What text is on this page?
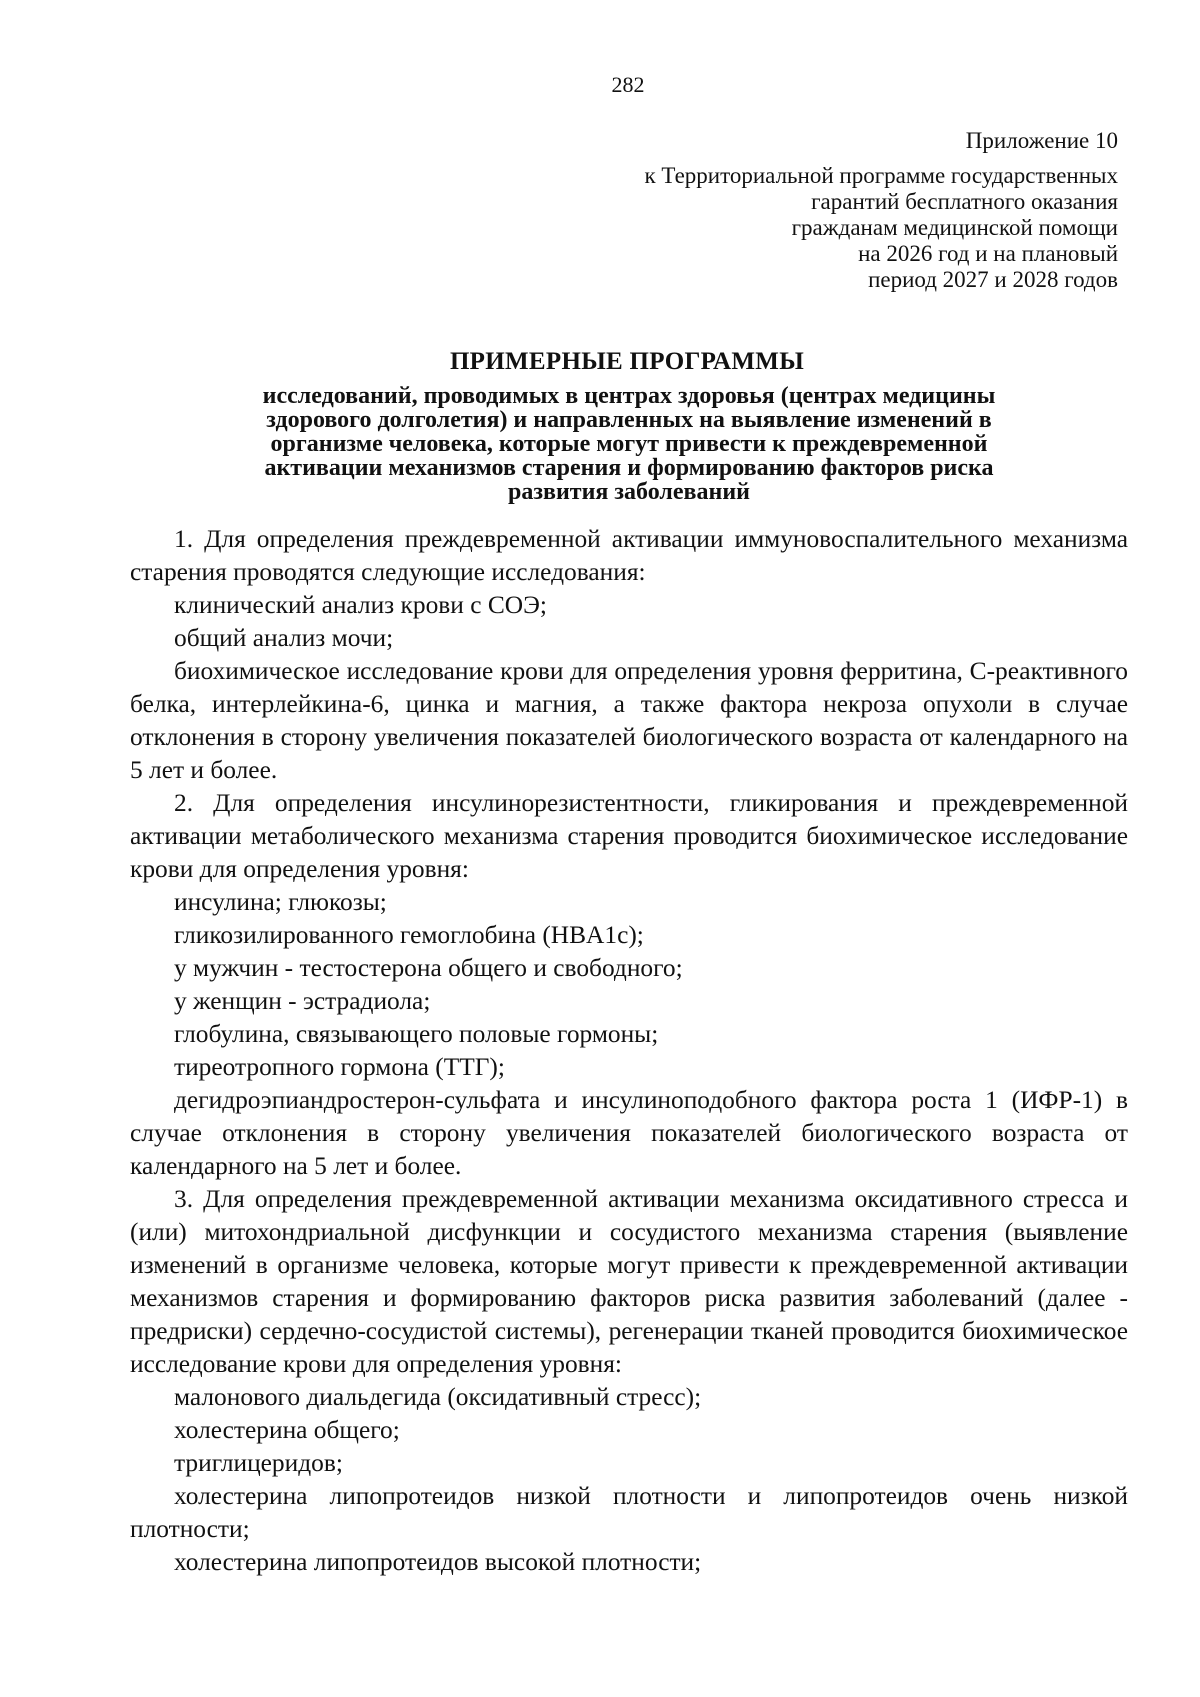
282
Приложение 10
к Территориальной программе государственных
гарантий бесплатного оказания
гражданам медицинской помощи
на 2026 год и на плановый
период 2027 и 2028 годов
ПРИМЕРНЫЕ ПРОГРАММЫ
исследований, проводимых в центрах здоровья (центрах медицины
здорового долголетия) и направленных на выявление изменений в
организме человека, которые могут привести к преждевременной
активации механизмов старения и формированию факторов риска
развития заболеваний

1. Для определения преждевременной активации иммуновоспалительного механизма старения проводятся следующие исследования:

клинический анализ крови с СОЭ;

общий анализ мочи;

биохимическое исследование крови для определения уровня ферритина, С-реактивного белка, интерлейкина-6, цинка и магния, а также фактора некроза опухоли в случае отклонения в сторону увеличения показателей биологического возраста от календарного на 5 лет и более.

2. Для определения инсулинорезистентности, гликирования и преждевременной активации метаболического механизма старения проводится биохимическое исследование крови для определения уровня:

инсулина; глюкозы;

гликозилированного гемоглобина (HBA1c);

у мужчин - тестостерона общего и свободного;

у женщин - эстрадиола;

глобулина, связывающего половые гормоны;

тиреотропного гормона (ТТГ);

дегидроэпиандростерон-сульфата и инсулиноподобного фактора роста 1 (ИФР-1) в случае отклонения в сторону увеличения показателей биологического возраста от календарного на 5 лет и более.

3. Для определения преждевременной активации механизма оксидативного стресса и (или) митохондриальной дисфункции и сосудистого механизма старения (выявление изменений в организме человека, которые могут привести к преждевременной активации механизмов старения и формированию факторов риска развития заболеваний (далее - предриски) сердечно-сосудистой системы), регенерации тканей проводится биохимическое исследование крови для определения уровня:

малонового диальдегида (оксидативный стресс);

холестерина общего;

триглицеридов;

холестерина липопротеидов низкой плотности и липопротеидов очень низкой плотности;

холестерина липопротеидов высокой плотности;
